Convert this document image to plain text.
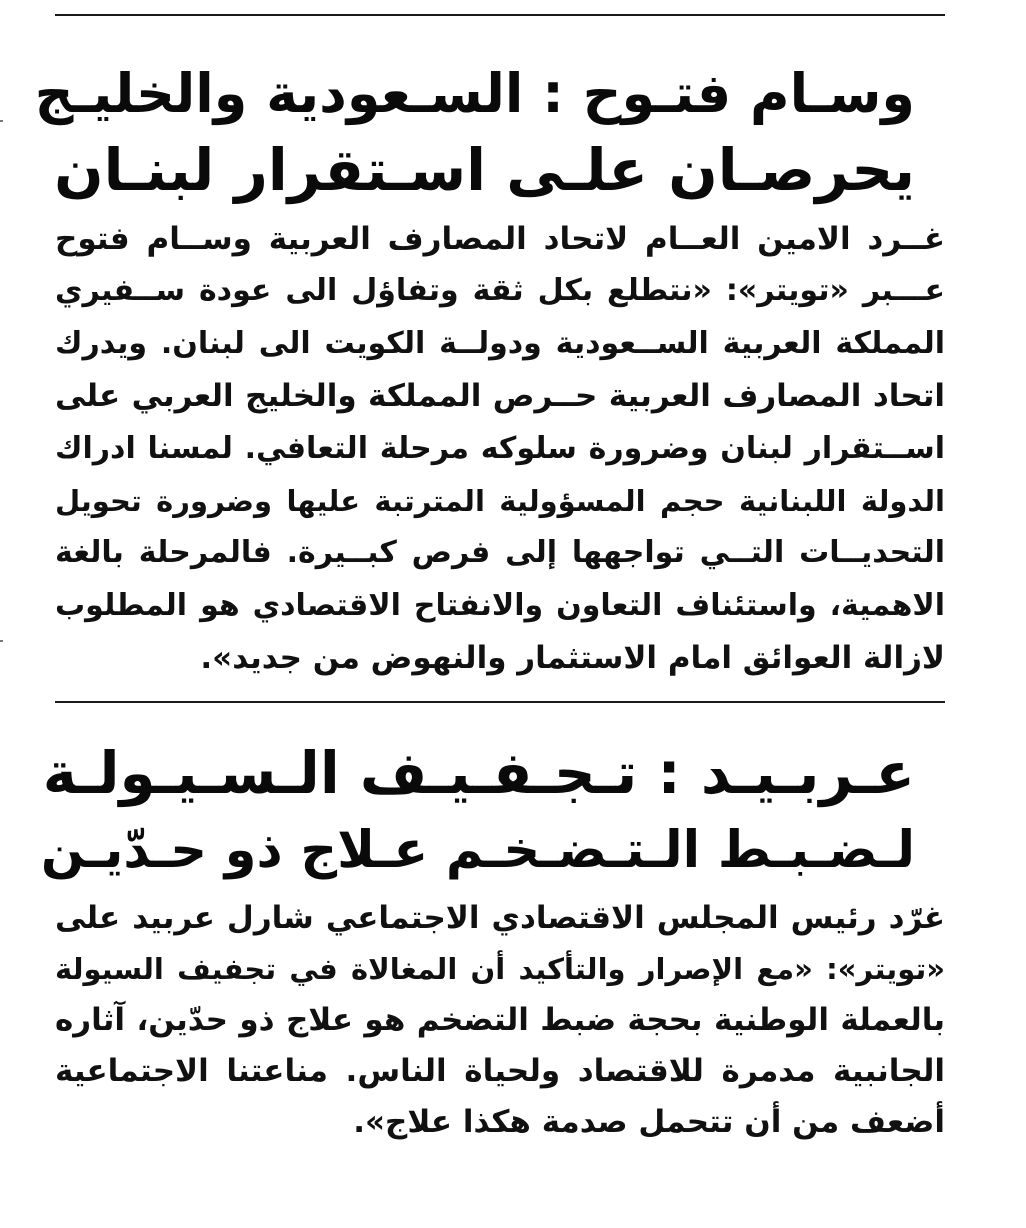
وسـام فتـوح : السـعودية والخليـج
يحرصـان علـى اسـتقرار لبنـان
غــرد الامين العــام لاتحاد المصارف العربية وســام فتوح
عـــبر «تويتر»: «نتطلع بكل ثقة وتفاؤل الى عودة ســفيري
المملكة العربية الســعودية ودولــة الكويت الى لبنان. ويدرك
اتحاد المصارف العربية حــرص المملكة والخليج العربي على
اســتقرار لبنان وضرورة سلوكه مرحلة التعافي. لمسنا ادراك
الدولة اللبنانية حجم المسؤولية المترتبة عليها وضرورة تحويل
التحديــات التــي تواجهها إلى فرص كبــيرة. فالمرحلة بالغة
الاهمية، واستئناف التعاون والانفتاح الاقتصادي هو المطلوب
لازالة العوائق امام الاستثمار والنهوض من جديد».
عـربـيـد : تـجـفـيـف الـسـيـولـة
لـضـبـط الـتـضـخـم عـلاج ذو حـدّيـن
غرّد رئيس المجلس الاقتصادي الاجتماعي شارل عربيد على
«تويتر»: «مع الإصرار والتأكيد أن المغالاة في تجفيف السيولة
بالعملة الوطنية بحجة ضبط التضخم هو علاج ذو حدّين، آثاره
الجانبية مدمرة للاقتصاد ولحياة الناس. مناعتنا الاجتماعية
أضعف من أن تتحمل صدمة هكذا علاج».
